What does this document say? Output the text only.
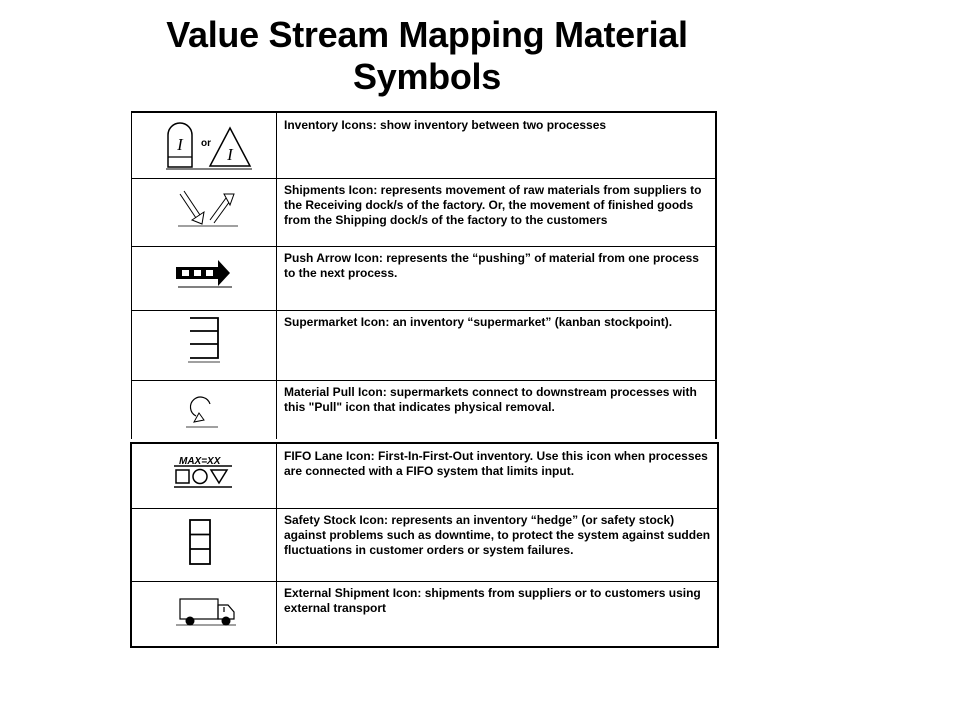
Value Stream Mapping Material
Symbols
I or
I
Inventory Icons: show inventory between two processes
Shipments Icon: represents movement of raw materials from suppliers to the Receiving dock/s of the factory. Or, the movement of finished goods from the Shipping dock/s of the factory to the customers
Push Arrow Icon: represents the “pushing” of material from one process to the next process.
Supermarket Icon: an inventory “supermarket” (kanban stockpoint).
Material Pull Icon: supermarkets connect to downstream processes with this "Pull" icon that indicates physical removal.
MAX=XX	FIFO Lane Icon: First-In-First-Out inventory. Use this icon when processes are connected with a FIFO system that limits input.
Safety Stock Icon: represents an inventory “hedge” (or safety stock) against problems such as downtime, to protect the system against sudden fluctuations in customer orders or system failures.
External Shipment Icon: shipments from suppliers or to customers using external transport
